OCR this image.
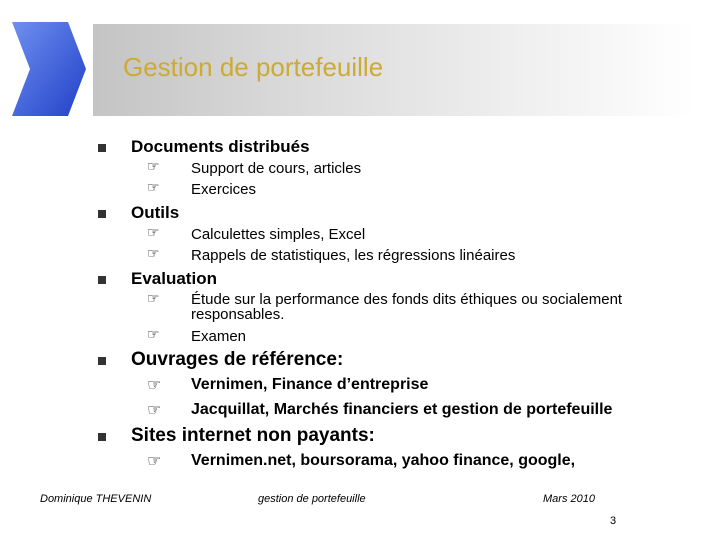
Gestion de portefeuille
Documents distribués
☞ Support de cours, articles
☞ Exercices
Outils
☞ Calculettes simples, Excel
☞ Rappels de statistiques, les régressions linéaires
Evaluation
☞ Étude sur la performance des fonds dits éthiques ou socialement responsables.
☞ Examen
Ouvrages de référence:
☞ Vernimen, Finance d’entreprise
☞ Jacquillat, Marchés financiers et gestion de portefeuille
Sites internet non payants:
☞ Vernimen.net, boursorama, yahoo finance, google,
Dominique THEVENIN	gestion de portefeuille	Mars 2010
3
